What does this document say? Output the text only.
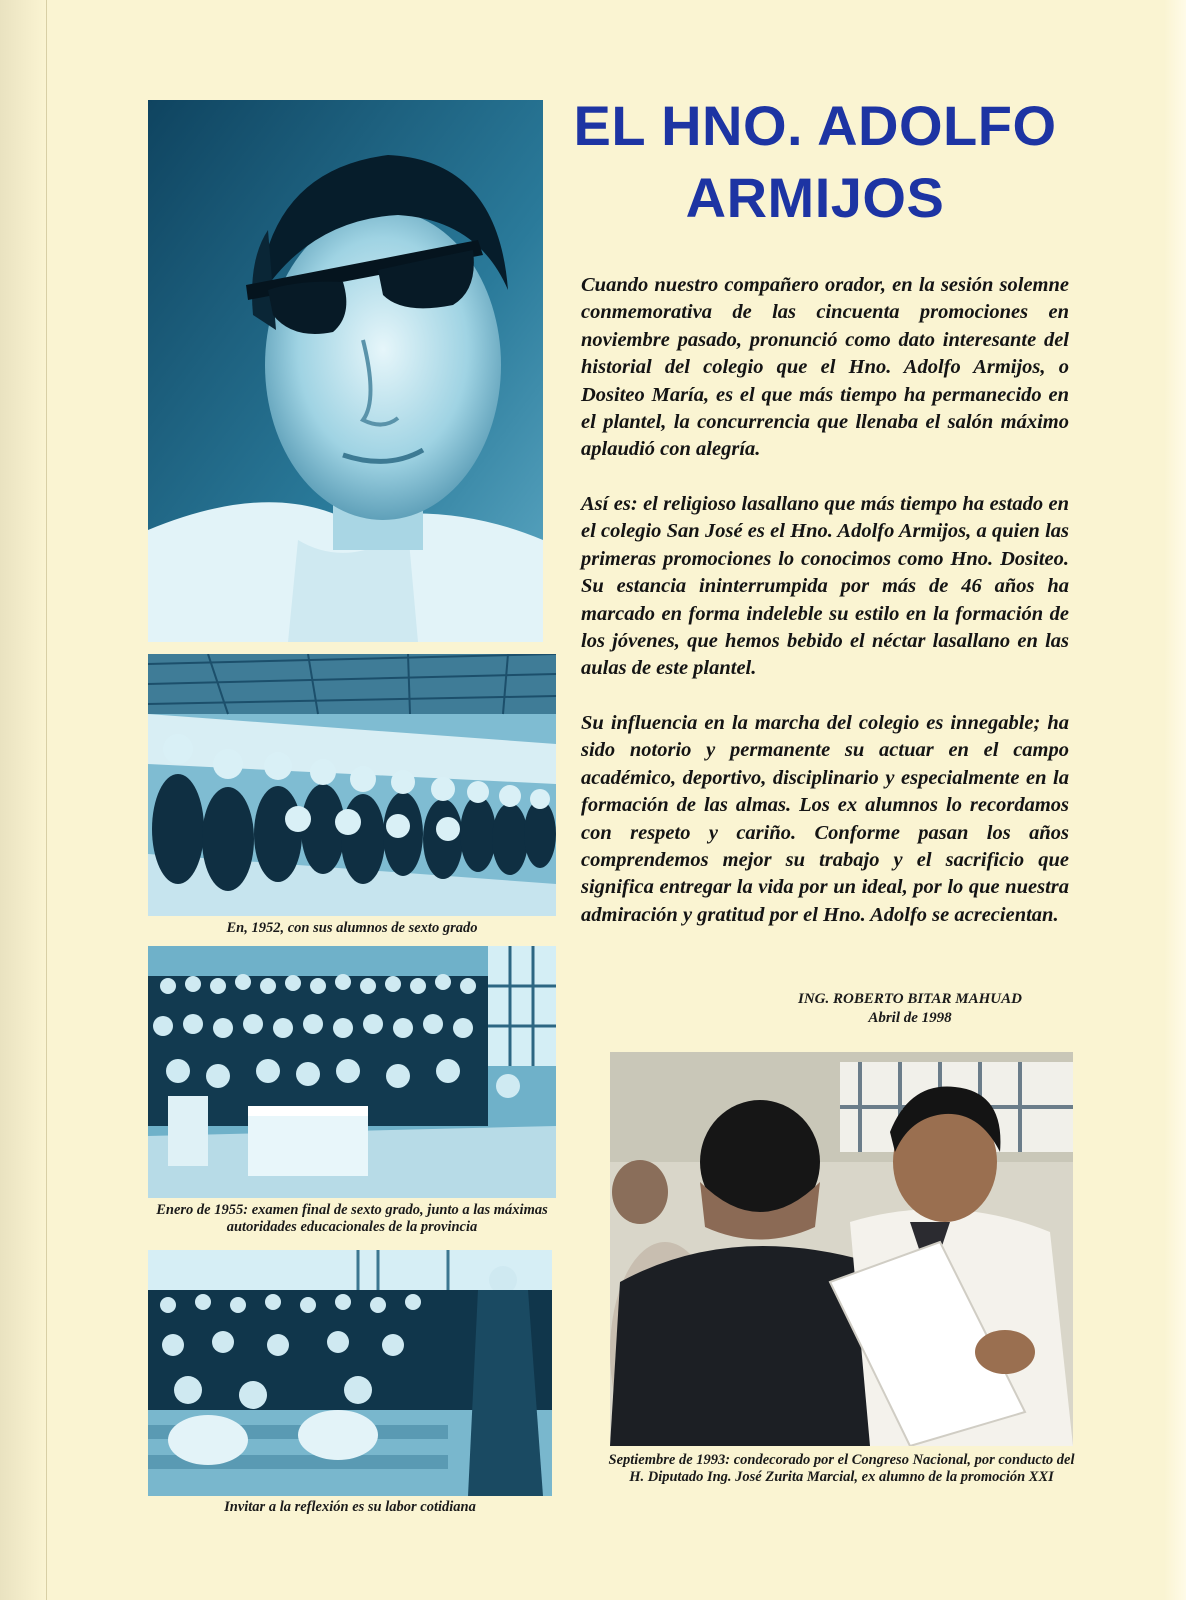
EL HNO. ADOLFO
ARMIJOS

Cuando nuestro compañero orador, en la sesión solemne conmemorativa de las cincuenta promociones en noviembre pasado, pronunció como dato interesante del historial del colegio que el Hno. Adolfo Armijos, o Dositeo María, es el que más tiempo ha permanecido en el plantel, la concurrencia que llenaba el salón máximo aplaudió con alegría.

Así es: el religioso lasallano que más tiempo ha estado en el colegio San José es el Hno. Adolfo Armijos, a quien las primeras promociones lo conocimos como Hno. Dositeo. Su estancia ininterrumpida por más de 46 años ha marcado en forma indeleble su estilo en la formación de los jóvenes, que hemos bebido el néctar lasallano en las aulas de este plantel.

Su influencia en la marcha del colegio es innegable; ha sido notorio y permanente su actuar en el campo académico, deportivo, disciplinario y especialmente en la formación de las almas. Los ex alumnos lo recordamos con respeto y cariño. Conforme pasan los años comprendemos mejor su trabajo y el sacrificio que significa entregar la vida por un ideal, por lo que nuestra admiración y gratitud por el Hno. Adolfo se acrecientan.

ING. ROBERTO BITAR MAHUAD
Abril de 1998
En, 1952, con sus alumnos de sexto grado
Enero de 1955: examen final de sexto grado, junto a las máximas autoridades educacionales de la provincia
Invitar a la reflexión es su labor cotidiana
Septiembre de 1993: condecorado por el Congreso Nacional, por conducto del H. Diputado Ing. José Zurita Marcial, ex alumno de la promoción XXI
